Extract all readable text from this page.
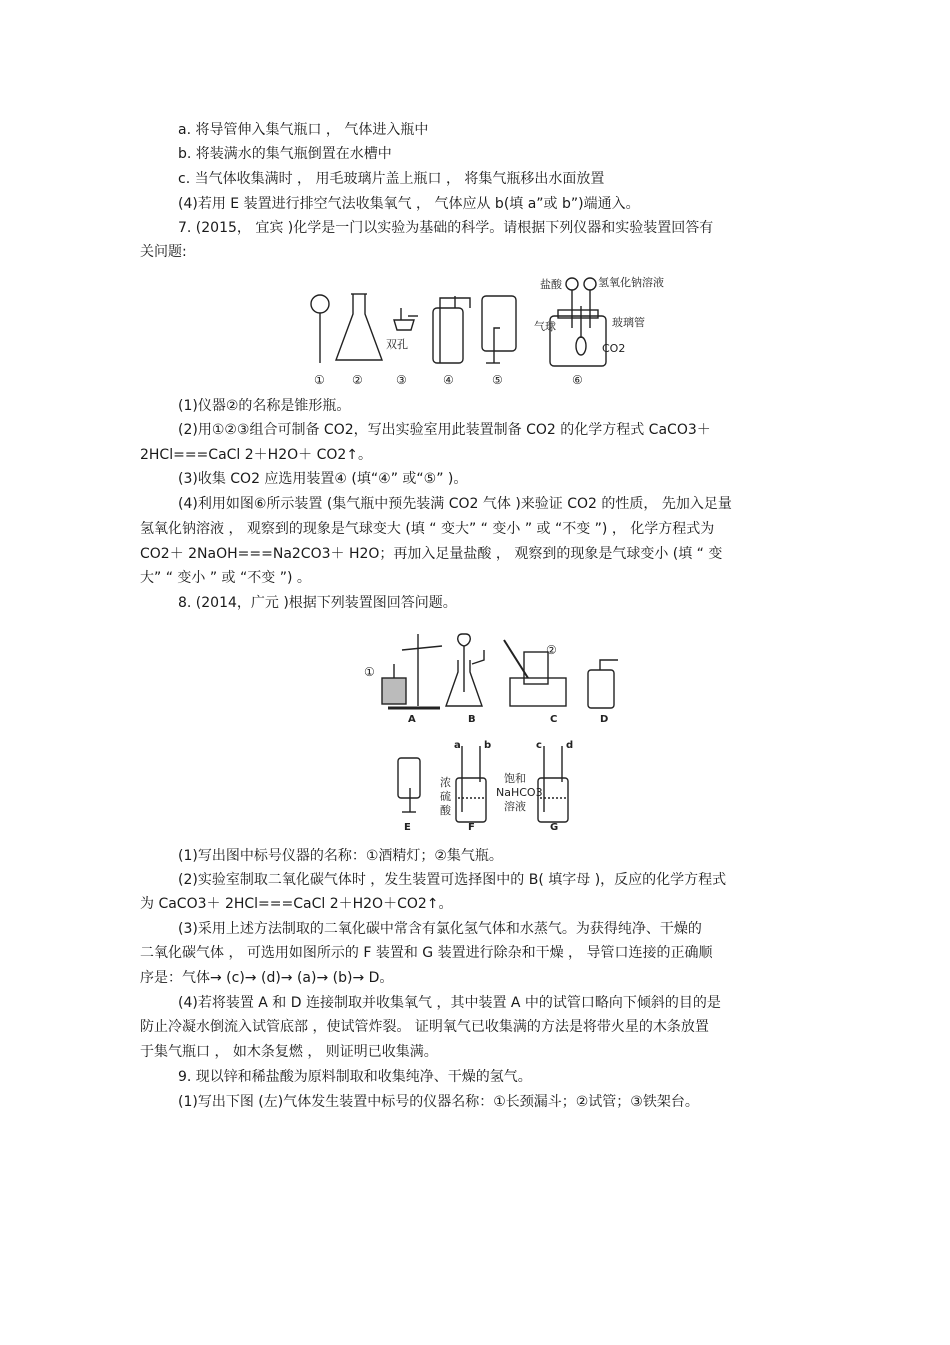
a. 将导管伸入集气瓶口 ， 气体进入瓶中
b. 将装满水的集气瓶倒置在水槽中
c. 当气体收集满时 ， 用毛玻璃片盖上瓶口 ， 将集气瓶移出水面放置
(4)若用 E 装置进行排空气法收集氧气 ， 气体应从 b(填 a”或 b”)端通入。
7. (2015， 宜宾 )化学是一门以实验为基础的科学。请根据下列仪器和实验装置回答有
关问题:
① ②	③	④	⑤	⑥
双孔
盐酸	氢氧化钠溶液
玻璃管
气球
CO2
(1)仪器②的名称是锥形瓶。
(2)用①②③组合可制备 CO2，写出实验室用此装置制备 CO2 的化学方程式 CaCO3＋
2HCl===CaCl 2＋H2O＋ CO2↑。
(3)收集 CO2 应选用装置④ (填“④” 或“⑤” )。
(4)利用如图⑥所示装置 (集气瓶中预先装满 CO2 气体 )来验证 CO2 的性质， 先加入足量
氢氧化钠溶液 ， 观察到的现象是气球变大 (填 “ 变大” “ 变小 ” 或 “不变 ”) ， 化学方程式为
CO2＋ 2NaOH===Na2CO3＋ H2O；再加入足量盐酸 ， 观察到的现象是气球变小 (填 “ 变
大” “ 变小 ” 或 “不变 ”) 。
8. (2014，广元 )根据下列装置图回答问题。
①
②
A	B	C	D
a b	c d
浓
硫
酸
饱和
NaHCO3
溶液
E	F	G
(1)写出图中标号仪器的名称：①酒精灯；②集气瓶。
(2)实验室制取二氧化碳气体时 ，发生装置可选择图中的 B( 填字母 )，反应的化学方程式
为 CaCO3＋ 2HCl===CaCl 2＋H2O＋CO2↑。
(3)采用上述方法制取的二氧化碳中常含有氯化氢气体和水蒸气。为获得纯净、干燥的
二氧化碳气体 ， 可选用如图所示的 F 装置和 G 装置进行除杂和干燥 ， 导管口连接的正确顺
序是：气体→ (c)→ (d)→ (a)→ (b)→ D。
(4)若将装置 A 和 D 连接制取并收集氧气 ，其中装置 A 中的试管口略向下倾斜的目的是
防止冷凝水倒流入试管底部 ，使试管炸裂。 证明氧气已收集满的方法是将带火星的木条放置
于集气瓶口 ， 如木条复燃 ， 则证明已收集满。
9. 现以锌和稀盐酸为原料制取和收集纯净、干燥的氢气。
(1)写出下图 (左)气体发生装置中标号的仪器名称：①长颈漏斗；②试管；③铁架台。
